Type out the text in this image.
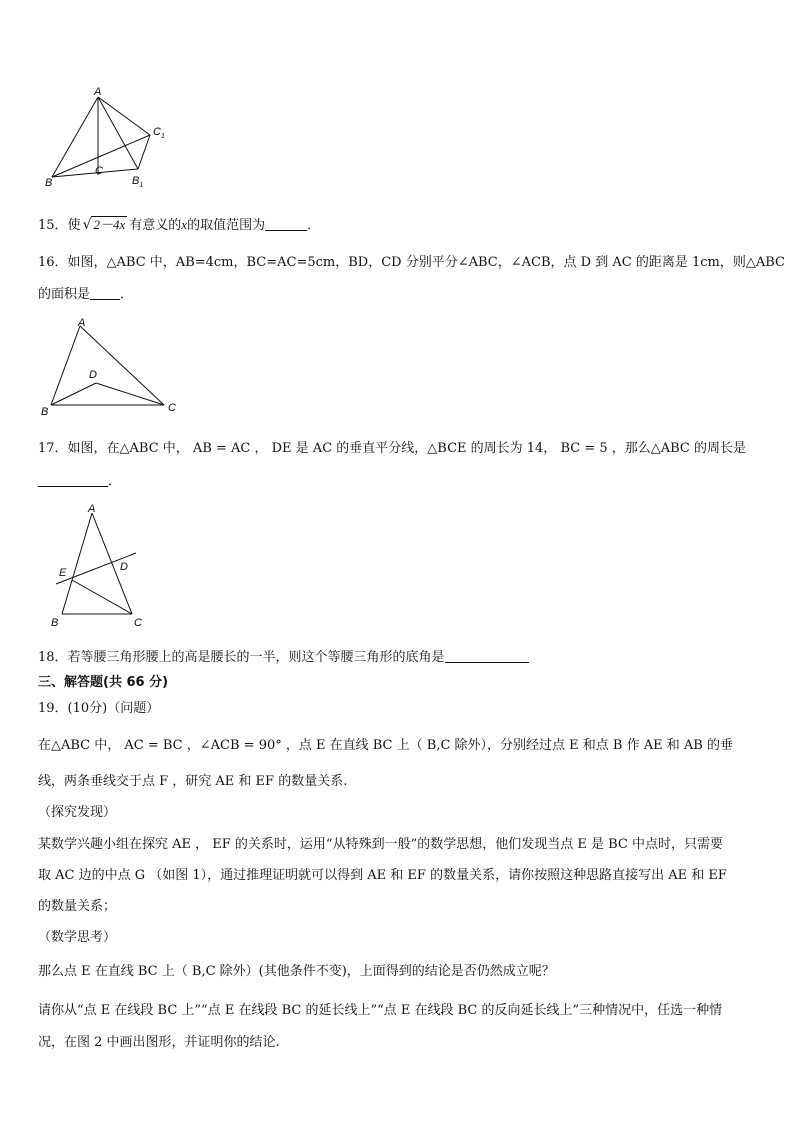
A
B
C
$B_1$
$C_1$
15．使 √ 2－4x 有意义的x的取值范围为	．
16．如图，△ABC 中，AB=4cm，BC=AC=5cm，BD，CD 分别平分∠ABC，∠ACB，点 D 到 AC 的距离是 1cm，则△ABC
的面积是 ．
A
B	C
D
17．如图，在△ABC 中， AB = AC ， DE 是 AC 的垂直平分线，△BCE 的周长为 14， BC = 5 ，那么△ABC 的周长是
．
A
B	C
D
E
18．若等腰三角形腰上的高是腰长的一半，则这个等腰三角形的底角是
三、解答题(共 66 分)
19．(10分)（问题）
在△ABC 中， AC = BC ，∠ACB = 90° ，点 E 在直线 BC 上（ B,C 除外），分别经过点 E 和点 B 作 AE 和 AB 的垂
线，两条垂线交于点 F ，研究 AE 和 EF 的数量关系.
（探究发现）
某数学兴趣小组在探究 AE ， EF 的关系时，运用“从特殊到一般”的数学思想，他们发现当点 E 是 BC 中点时，只需要
取 AC 边的中点 G （如图 1），通过推理证明就可以得到 AE 和 EF 的数量关系，请你按照这种思路直接写出 AE 和 EF
的数量关系；
（数学思考）
那么点 E 在直线 BC 上（ B,C 除外）(其他条件不变)，上面得到的结论是否仍然成立呢？
请你从“点 E 在线段 BC 上”“点 E 在线段 BC 的延长线上”“点 E 在线段 BC 的反向延长线上”三种情况中，任选一种情
况，在图 2 中画出图形，并证明你的结论.
